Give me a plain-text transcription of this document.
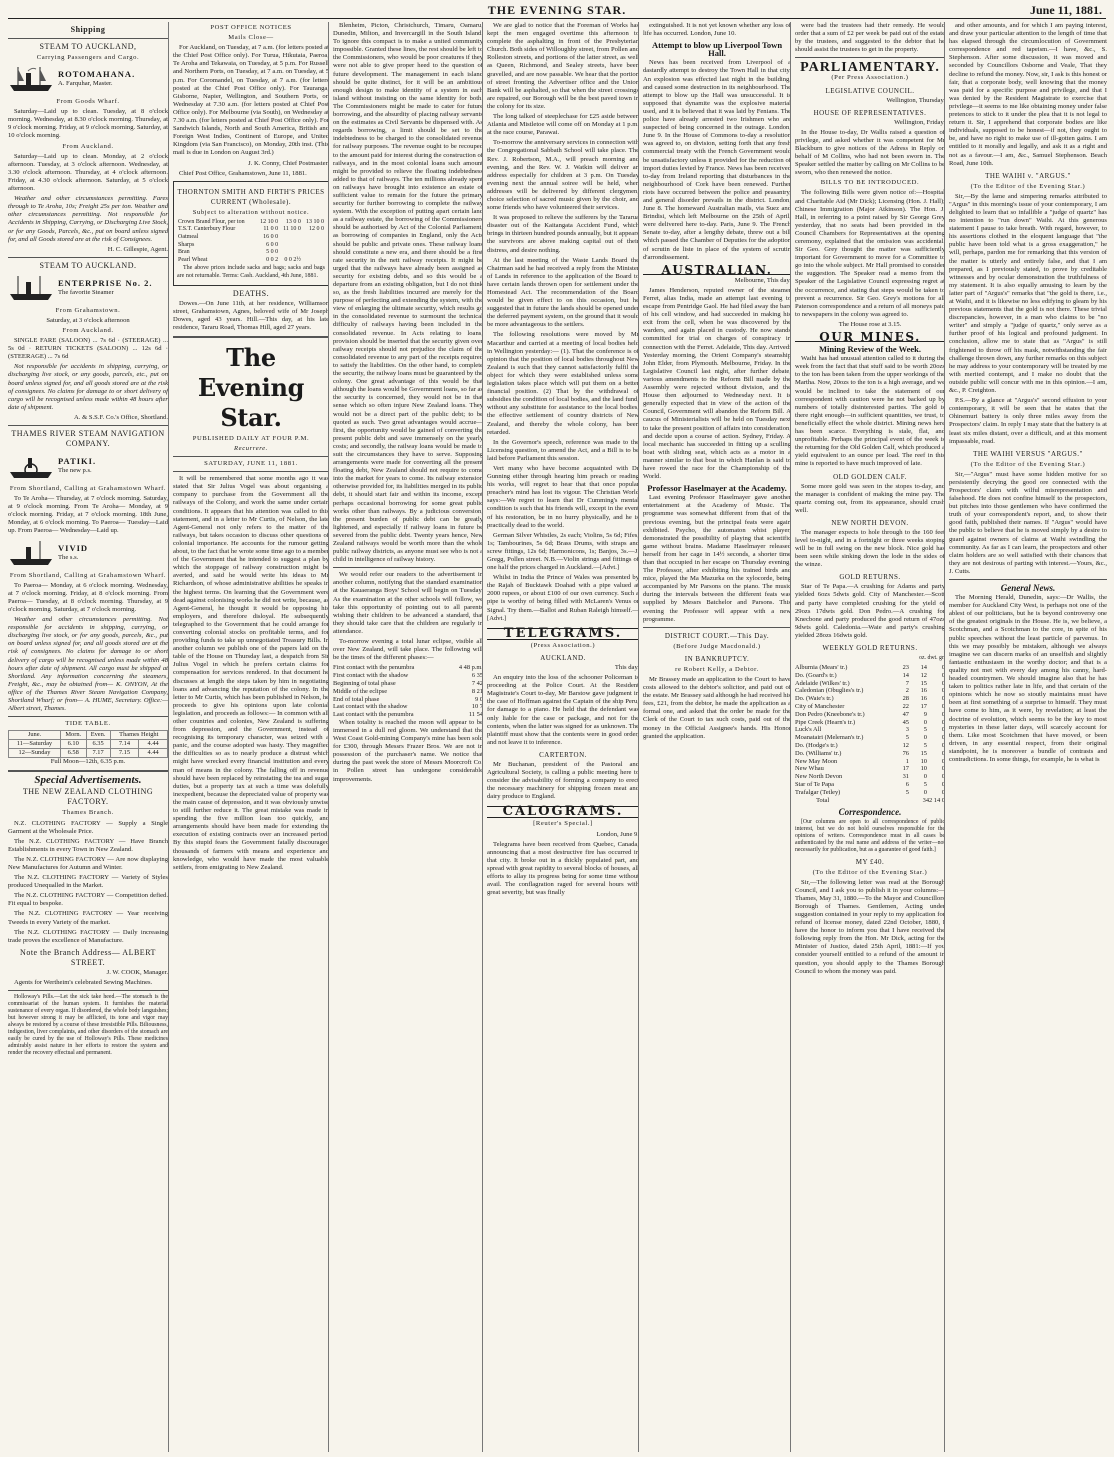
THE EVENING STAR.	June 11, 1881.
Shipping
STEAM TO AUCKLAND,
Carrying Passengers and Cargo.
ROTOMAHANA.
A. Farquhar, Master.
From Goods Wharf.

Saturday—Laid up to clean. Tuesday, at 8 o'clock morning. Wednesday, at 8.30 o'clock morning. Thursday, at 9 o'clock morning. Friday, at 9 o'clock morning. Saturday, at 10 o'clock morning.

From Auckland.

Saturday—Laid up to clean. Monday, at 2 o'clock afternoon. Tuesday, at 3 o'clock afternoon. Wednesday, at 3.30 o'clock afternoon. Thursday, at 4 o'clock afternoon. Friday, at 4.30 o'clock afternoon. Saturday, at 5 o'clock afternoon.

Weather and other circumstances permitting. Fares through to Te Aroha, 10s; Freight 25s per ton. Weather and other circumstances permitting. Not responsible for Accidents in Shipping, Carrying, or Discharging Live Stock, or for any Goods, Parcels, &c., put on board unless signed for, and all Goods stored are at the risk of Consignees.

H. C. Gillespie, Agent.

STEAM TO AUCKLAND.
ENTERPRISE No. 2.
The favorite Steamer
From Grahamstown.

Saturday, at 3 o'clock afternoon

From Auckland.

SINGLE FARE (SALOON) ... 7s 6d · (STEERAGE) ... 5s 0d · RETURN TICKETS (SALOON) ... 12s 6d · (STEERAGE) ... 7s 6d

Not responsible for accidents in shipping, carrying, or discharging live stock, or any goods, parcels, etc., put on board unless signed for, and all goods stored are at the risk of consignees. No claims for damage to or short delivery of cargo will be recognised unless made within 48 hours after date of shipment.

A. & S.S.F. Co.'s Office, Shortland.

THAMES RIVER STEAM NAVIGATION COMPANY.
PATIKI.
The new p.s.
From Shortland, Calling at Grahamstown Wharf.

To Te Aroha— Thursday, at 7 o'clock morning. Saturday, at 9 o'clock morning. From Te Aroha— Monday, at 9 o'clock morning. Friday, at 7 o'clock morning. 18th June, Monday, at 6 o'clock morning. To Paeroa— Tuesday—Laid up. From Paeroa— Wednesday—Laid up.

VIVID
The s.s.
From Shortland, Calling at Grahamstown Wharf.

To Paeroa— Monday, at 6 o'clock morning. Wednesday, at 7 o'clock morning. Friday, at 8 o'clock morning. From Paeroa— Tuesday, at 8 o'clock morning. Thursday, at 9 o'clock morning. Saturday, at 7 o'clock morning.

Weather and other circumstances permitting. Not responsible for accidents in shipping, carrying, or discharging live stock, or for any goods, parcels, &c., put on board unless signed for, and all goods stored are at the risk of consignees. No claims for damage to or short delivery of cargo will be recognised unless made within 48 hours after date of shipment. All cargo must be shipped at Shortland. Any information concerning the steamers, Freight, &c., may be obtained from— K. ONYON, At the office of the Thames River Steam Navigation Company, Shortland Wharf; or from— A. HUME, Secretary. Office:—Albert street, Thames.

TIDE TABLE.
June.	Morn.	Even.	Thames Height	
11—Saturday	6.10	6.35	7.14	4.44
12—Sunday	6.58	7.17	7.15	4.44

Full Moon—12th, 6.35 p.m.

Special Advertisements.
THE NEW ZEALAND CLOTHING FACTORY.
Thames Branch.

N.Z. CLOTHING FACTORY — Supply a Single Garment at the Wholesale Price.

The N.Z. CLOTHING FACTORY — Have Branch Establishments in every Town in New Zealand.

The N.Z. CLOTHING FACTORY — Are now displaying New Manufactures for Autumn and Winter.

The N.Z. CLOTHING FACTORY — Variety of Styles produced Unequalled in the Market.

The N.Z. CLOTHING FACTORY — Competition defied. Fit equal to bespoke.

The N.Z. CLOTHING FACTORY — Year receiving Tweeds in every Variety of the market.

The N.Z. CLOTHING FACTORY — Daily increasing trade proves the excellence of Manufacture.

Note the Branch Address— ALBERT STREET.

J. W. COOK, Manager.

Agents for Wertheim's celebrated Sewing Machines.

Holloway's Pills.—Let the sick take heed.—The stomach is the commissariat of the human system. It furnishes the material sustenance of every organ. If disordered, the whole body languishes; but however strong it may be afflicted, its tone and vigor may always be restored by a course of these irresistible Pills. Biliousness, indigestion, liver complaints, and other disorders of the stomach are easily be cured by the use of Holloway's Pills. These medicines admirably assist nature in her efforts to restore the system and render the recovery effectual and permanent.

POST OFFICE NOTICES
Mails Close—

For Auckland, on Tuesday, at 7 a.m. (for letters posted at the Chief Post Office only). For Turua, Hikutaia, Paeroa, Te Aroha and Tekawaia, on Tuesday, at 5 p.m. For Russell and Northern Ports, on Tuesday, at 7 a.m. on Tuesday, at 5 p.m. For Coromandel, on Tuesday, at 7 a.m. (for letters posted at the Chief Post Office only). For Tauranga, Gisborne, Napier, Wellington, and Southern Ports, on Wednesday at 7.30 a.m. (for letters posted at Chief Post Office only). For Melbourne (via South), on Wednesday at 7.30 a.m. (for letters posted at Chief Post Office only). For Sandwich Islands, North and South America, British and Foreign West Indies, Continent of Europe, and United Kingdom (via San Francisco), on Monday, 20th inst. (This mail is due in London on August 3rd.)

J. K. Conny, Chief Postmaster.

Chief Post Office, Grahamstown, June 11, 1881.

THORNTON SMITH AND FIRTH'S PRICES CURRENT (Wholesale).
Subject to alteration without notice.
Crown Brand Flour, per ton	12 10 0	13 0 0	13 10 0
T.S.T. Canterbury Flour	11 0 0	11 10 0	12 0 0
Oatmeal	16 0 0		
Sharps	6 0 0		
Bran	5 0 0		
Pearl Wheat	0 0 2	0 0 2½	

The above prices include sacks and bags; sacks and bags are not returnable. Terms: Cash. Auckland, 4th June, 1881.

DEATHS.

Dowes.—On June 11th, at her residence, Williamson street, Grahamstown, Agnes, beloved wife of Mr Joseph Dowes, aged 43 years. Hill.—This day, at his late residence, Tararu Road, Thomas Hill, aged 27 years.

The Evening Star.
PUBLISHED DAILY AT FOUR P.M.
Recurrere.
SATURDAY, JUNE 11, 1881.

It will be remembered that some months ago it was stated that Sir Julius Vogel was about organising a company to purchase from the Government all the railways of the Colony, and work the same under certain conditions. It appears that his attention was called to this statement, and in a letter to Mr Curtis, of Nelson, the late Agent-General not only refers to the matter of the railways, but takes occasion to discuss other questions of colonial importance. He accounts for the rumour getting about, to the fact that he wrote some time ago to a member of the Government that he intended to suggest a plan by which the stoppage of railway construction might be averted, and said he would write his ideas to Mr Richardson, of whose administrative abilities he speaks in the highest terms. On learning that the Government were dead against colonising works he did not write, because, as Agent-General, he thought it would be opposing his employers, and therefore disloyal. He subsequently telegraphed to the Government that he could arrange for converting colonial stocks on profitable terms, and for providing funds to take up unnegotiated Treasury Bills. In another column we publish one of the papers laid on the table of the House on Thursday last, a despatch from Sir Julius Vogel in which he prefers certain claims for compensation for services rendered. In that document he discusses at length the steps taken by him in negotiating loans and advancing the reputation of the colony. In the letter to Mr Curtis, which has been published in Nelson, he proceeds to give his opinions upon late colonial legislation, and proceeds as follows:— In common with all other countries and colonies, New Zealand is suffering from depression, and the Government, instead of recognising its temporary character, was seized with a panic, and the course adopted was hasty. They magnified the difficulties so as to nearly produce a distrust which might have wrecked every financial institution and every man of means in the colony. The falling off in revenue should have been replaced by reinstating the tea and sugar duties, but a property tax at such a time was dolefully inexpedient, because the depreciated value of property was the main cause of depression, and it was obviously unwise to still further reduce it. The great mistake was made in spending the five million loan too quickly, and arrangements should have been made for extending the execution of existing contracts over an increased period. By this stupid fears the Government fatally discouraged thousands of farmers with means and experience and knowledge, who would have made the most valuable settlers, from emigrating to New Zealand.

Blenheim, Picton, Christchurch, Timaru, Oamaru, Dunedin, Milton, and Invercargill in the South Island. To ignore this compact is to make a united community impossible. Granted these lines, the rest should be left to the Commissioners, who would be poor creatures if they were not able to give proper heed to the question of future development. The management in each island should be quite distinct, for it will be an ambitious enough design to make identity of a system in each island without insisting on the same identity for both. The Commissioners might be made to cater for future borrowing, and the absurdity of placing railway servants on the estimates as Civil Servants be dispensed with. As regards borrowing, a limit should be set to the indebtedness to be charged to the consolidated revenue for railway purposes. The revenue ought to be recouped to the amount paid for interest during the construction of railways, and in the most colonial loans such amount might be provided to relieve the floating indebtedness added to that of railways. The ten millions already spent on railways have brought into existence an estate of sufficient value to remain for the future the primary security for further borrowing to complete the railway system. With the exception of putting apart certain land as a railway estate, the borrowing of the Commissioners should be authorised by Act of the Colonial Parliament, as borrowing of companies in England, only the Acts should be public and private ones. These railway loans should constitute a new era, and there should be a first rate security in the nett railway receipts. It might be urged that the railways have already been assigned as security for existing debts, and so this would be a departure from an existing obligation, but I do not think so, as the fresh liabilities incurred are merely for the purpose of perfecting and extending the system, with the view of enlarging the ultimate security, which results go in the consolidated revenue to surmount the technical difficulty of railways having been included in the consolidated revenue. In Acts relating to loans, provision should be inserted that the security given over railway receipts should not prejudice the claim of the consolidated revenue to any part of the receipts required to satisfy the liabilities. On the other hand, to complete the security, the railway loans must be guaranteed by the colony. One great advantage of this would be that although the loans would be Government loans, so far as the security is concerned, they would not be in that sense which so often injure New Zealand loans. They would not be a direct part of the public debt; to be quoted as such. Two great advantages would accrue—first, the opportunity would be gained of converting the present public debt and save immensely on the yearly costs; and secondly, the railway loans would be made to suit the circumstances they have to serve. Supposing arrangements were made for converting all the present floating debt, New Zealand should not require to come into the market for years to come. Its railway extension otherwise provided for, its liabilities merged in its public debt, it should start fair and within its income, except perhaps occasional borrowing for some great public works other than railways. By a judicious conversion, the present burden of public debt can be greatly lightened, and especially if railway loans in future be severed from the public debt. Twenty years hence, New Zealand railways would be worth more than the whole public railway districts, as anyone must see who is not a child in intelligence of railway history.

We would refer our readers to the advertisement in another column, notifying that the standard examination at the Kauaeranga Boys' School will begin on Tuesday. As the examination at the other schools will follow, we take this opportunity of pointing out to all parents wishing their children to be advanced a standard, that they should take care that the children are regularly in attendance.

To-morrow evening a total lunar eclipse, visible all over New Zealand, will take place. The following will be the times of the different phases:—

First contact with the penumbra	4 48 p.m.
First contact with the shadow	6 35
Beginning of total phase	7 42
Middle of the eclipse	8 21
End of total phase	9 0
Last contact with the shadow	10 7
Last contact with the penumbra	11 54

When totality is reached the moon will appear to be immersed in a dull red gloom. We understand that the West Coast Gold-mining Company's mine has been sold for £300, through Messrs Frazer Bros. We are not in possession of the purchaser's name. We notice that during the past week the store of Messrs Moorcroft Co. in Pollen street has undergone considerable improvements.

We are glad to notice that the Foreman of Works has kept the men engaged overtime this afternoon to complete the asphalting in front of the Presbyterian Church. Both sides of Willoughby street, from Pollen and Rolleston streets, and portions of the latter street, as well as Queen, Richmond, and Sealey streets, have been gravelled, and are now passable. We hear that the portion of street fronting the Advertiser office and the Union Bank will be asphalted, so that when the street crossings are repaired, our Borough will be the best paved town in the colony for its size.

The long talked of steeplechase for £25 aside between Atlanta and Mistletoe will come off on Monday at 1 p.m. at the race course, Parawai.

To-morrow the anniversary services in connection with the Congregational Sabbath School will take place. The Rev. J. Robertson, M.A., will preach morning and evening, and the Rev. W. J. Watkin will deliver an address especially for children at 3 p.m. On Tuesday evening next the annual soiree will be held, when addresses will be delivered by different clergymen, choice selection of sacred music given by the choir, and some friends who have volunteered their services.

It was proposed to relieve the sufferers by the Tararua disaster out of the Kaitangata Accident Fund, which brings in thirteen hundred pounds annually, but it appears the survivors are above making capital out of their distress, and desire nothing.

At the last meeting of the Waste Lands Board the Chairman said he had received a reply from the Minister of Lands in reference to the application of the Board to have certain lands thrown open for settlement under the Homestead Act. The recommendation of the Board would be given effect to on this occasion, but he suggested that in future the lands should be opened under the deferred payment system, on the ground that it would be more advantageous to the settlers.

The following resolutions were moved by Mr Macarthur and carried at a meeting of local bodies held in Wellington yesterday:— (1). That the conference is of opinion that the position of local bodies throughout New Zealand is such that they cannot satisfactorily fulfil the object for which they were established unless some legislation takes place which will put them on a better financial position. (2) That by the withdrawal of subsidies the condition of local bodies, and the land fund, without any substitute for assistance to the local bodies, the effective settlement of country districts of New Zealand, and thereby the whole colony, has been retarded.

In the Governor's speech, reference was made to the Licensing question, to amend the Act, and a Bill is to be laid before Parliament this session.

Vert many who have become acquainted with Dr Gunning either through hearing him preach or reading his works, will regret to hear that that once popular preacher's mind has lost its vigour. The Christian World says:—We regret to learn that Dr Cumming's mental condition is such that his friends will, except in the event of his restoration, be in no hurry physically, and he is practically dead to the world.

German Silver Whistles, 2s each; Violins, 5s 6d; Fifes, 1s; Tambourines, 5s 6d; Brass Drums, with straps and screw fittings, 12s 6d; Harmonicons, 1s; Banjos, 3s.—J. Gregg, Pollen street. N.B.—Violin strings and fittings of one half the prices charged in Auckland.—[Advt.]

Whilst in India the Prince of Wales was presented by the Rajah of Bucktawk Doahad with a pipe valued at 2000 rupees, or about £100 of our own currency. Such a pipe is worthy of being filled with McLaren's Venus or Signal. Try them.—Ballot and Ruban Raleigh himself.—[Advt.]

TELEGRAMS.
(Press Association.)
AUCKLAND.

This day.

An enquiry into the loss of the schooner Policeman is proceeding at the Police Court. At the Resident Magistrate's Court to-day, Mr Barstow gave judgment in the case of Hoffman against the Captain of the ship Peru, for damage to a piano. He held that the defendant was only liable for the case or package, and not for the contents, when the latter was signed for as unknown. The plaintiff must show that the contents were in good order, and not leave it to inference.

CARTERTON.

Mr Buchanan, president of the Pastoral and Agricultural Society, is calling a public meeting here to consider the advisability of forming a company to erect the necessary machinery for shipping frozen meat and dairy produce to England.

CALOGRAMS.
[Reuter's Special.]

London, June 9.

Telegrams have been received from Quebec, Canada, announcing that a most destructive fire has occurred in that city. It broke out in a thickly populated part, and spread with great rapidity to several blocks of houses, all efforts to allay its progress being for some time without avail. The conflagration raged for several hours with great severity, but was finally

extinguished. It is not yet known whether any loss of life has occurred. London, June 10.

Attempt to blow up Liverpool Town Hall.

News has been received from Liverpool of a dastardly attempt to destroy the Town Hall in that city. An explosion was effected last night in the building, and caused some destruction in its neighbourhood. The attempt to blow up the Hall was unsuccessful. It is supposed that dynamite was the explosive material used, and it is believed that it was laid by Fenians. The police have already arrested two Irishmen who are suspected of being concerned in the outrage. London, June 9. In the House of Commons to-day a resolution was agreed to, on division, setting forth that any fresh commercial treaty with the French Government would be unsatisfactory unless it provided for the reduction of import duties levied by France. News has been received to-day from Ireland reporting that disturbances in the neighbourhood of Cork have been renewed. Further riots have occurred between the police and peasantry, and general disorder prevails in the district. London, June 8. The homeward Australian mails, via Suez and Brindisi, which left Melbourne on the 25th of April, were delivered here to-day. Paris, June 9. The French Senate to-day, after a lengthy debate, threw out a bill which passed the Chamber of Deputies for the adoption of scrutin de liste in place of the system of scrutin d'arrondissement.

AUSTRALIAN.

Melbourne, This day.

James Henderson, reputed owner of the steamer Ferret, alias India, made an attempt last evening to escape from Pentridge Gaol. He had filed away the bars of his cell window, and had succeeded in making his exit from the cell, when he was discovered by the warders, and again placed in custody. He now stands committed for trial on charges of conspiracy in connection with the Ferret. Adelaide, This day. Arrived: Yesterday morning, the Orient Company's steamship John Elder, from Plymouth. Melbourne, Friday. In the Legislative Council last night, after further debate, various amendments to the Reform Bill made by the Assembly were rejected without division, and the House then adjourned to Wednesday next. It is generally expected that in view of the action of the Council, Government will abandon the Reform Bill. A caucus of Ministerialists will be held on Tuesday next to take the present position of affairs into consideration, and decide upon a course of action. Sydney, Friday. A local mechanic has succeeded in fitting up a sculling boat with sliding seat, which acts as a motor in a manner similar to that boat in which Hanlan is said to have rowed the race for the Championship of the World.

Professor Haselmayer at the Academy.

Last evening Professor Haselmayer gave another entertainment at the Academy of Music. The programme was somewhat different from that of the previous evening, but the principal feats were again exhibited. Psycho, the automaton whist player, demonstrated the possibility of playing that scientific game without brains. Madame Haselmayer released herself from her cage in 14½ seconds, a shorter time than that occupied in her escape on Thursday evening. The Professor, after exhibiting his trained birds and mice, played the Ma Mazurka on the xylocorde, being accompanied by Mr Parsons on the piano. The music during the intervals between the different feats was supplied by Messrs Batchelor and Parsons. This evening the Professor will appear with a new programme.

DISTRICT COURT.—This Day.
(Before Judge Macdonald.)
IN BANKRUPTCY.
re Robert Kelly, a Debtor.

Mr Brassey made an application to the Court to have costs allowed to the debtor's solicitor, and paid out of the estate. Mr Brassey said although he had received his fees, £21, from the debtor, he made the application as a formal one, and asked that the order be made for the Clerk of the Court to tax such costs, paid out of the money in the Official Assignee's hands. His Honor granted the application.

were bad the trustees had their remedy. He would order that a sum of £2 per week be paid out of the estate by the trustees, and suggested to the debtor that he should assist the trustees to get in the property.

PARLIAMENTARY.
(Per Press Association.)
LEGISLATIVE COUNCIL.

Wellington, Thursday.

HOUSE OF REPRESENTATIVES.

Wellington, Friday.

In the House to-day, Dr Wallis raised a question of privilege, and asked whether it was competent for Mr Blackburn to give notices of the Adress in Reply on behalf of M Collins, who had not been sworn in. The Speaker settled the matter by calling on Mr Collins to be sworn, who then renewed the notice.

BILLS TO BE INTRODUCED.

The following Bills were given notice of:—Hospital and Charitable Aid (Mr Dick); Licensing (Hon. J. Hall); Chinese Immigration (Major Atkinson). The Hon. J. Hall, in referring to a point raised by Sir George Grey yesterday, that no seats had been provided in the Council Chambers for Representatives at the opening ceremony, explained that the omission was accidental. Sir Geo. Grey thought the matter was sufficiently important for Government to move for a Committee to go into the whole subject. Mr Hall promised to consider the suggestion. The Speaker read a memo from the Speaker of the Legislative Council expressing regret at the occurrence, and stating that steps would be taken to prevent a recurrence. Sir Geo. Grey's motions for all Paterson correspondence and a return of all moneys paid to newspapers in the colony was agreed to.

The House rose at 3.15.

OUR MINES.
Mining Review of the Week.

Waihi has had unusual attention called to it during the week from the fact that that stuff said to be worth 20ozs to the ton has been taken from the upper workings of the Martha. Now, 20ozs to the ton is a high average, and we would be inclined to take the statement of our correspondent with caution were he not backed up by numbers of totally disinterested parties. The gold is there right enough—in sufficient quantities, we trust, to beneficially effect the whole district. Mining news here has been scarce. Everything is stale, flat, and unprofitable. Perhaps the principal event of the week is the returning for the Old Golden Calf, which produced a yield equivalent to an ounce per load. The reef in this mine is reported to have much improved of late.

OLD GOLDEN CALF.

Some more gold was seen in the stopes to-day, and the manager is confident of making the mine pay. The quartz coming out, from its appearance, should crush well.

NEW NORTH DEVON.

The manager expects to hole through to the 160 feet level to-night, and in a fortnight or three weeks stoping will be in full swing on the new block. Nice gold has been seen while sinking down the lode in the sides of the winze.

GOLD RETURNS.

Star of Te Papa.—A crushing for Adams and party yielded 6ozs 5dwts gold. City of Manchester.—Scott and party have completed crushing for the yield of 29ozs 17dwts gold. Don Pedro.—A crushing for Knecbone and party produced the good return of 47ozs 9dwts gold. Caledonia.—Waie and party's crushing yielded 28ozs 16dwts gold.

WEEKLY GOLD RETURNS.

oz. dwt. gr.

Alburnia (Mears' tr.)	23	14	0
Do. (Goard's tr.)	14	12	0
Adelaide (Wilkes' tr.)	7	15	0
Caledonian (Obuglies's tr.)	2	16	0
Do. (Waie's tr.)	28	16	0
City of Manchester	22	17	0
Don Pedro (Kneebone's tr.)	47	9	0
Pipe Creek (Hearn's tr.)	45	0	0
Luck's All	3	5	0
Moanatairi (Meleman's tr.)	5	0	0
Do. (Hodge's tr.)	12	5	0
Do. (Williams' tr.)	76	15	0
New May Moon	1	10	0
New Whau	17	10	0
New North Devon	31	0	0
Star of Te Papa	6	5	0
Trafalgar (Tetley)	5	0	0
Total	342 14 0
Correspondence.

[Our columns are open to all correspondence of public interest, but we do not hold ourselves responsible for the opinions of writers. Correspondence must in all cases be authenticated by the real name and address of the writer—not necessarily for publication, but as a guarantee of good faith.]

MY £40.
(To the Editor of the Evening Star.)

Sir,—The following letter was read at the Borough Council, and I ask you to publish it in your columns:— Thames, May 31, 1880.—To the Mayor and Councillors Borough of Thames. Gentlemen, Acting under suggestion contained in your reply to my application for refund of license money, dated 22nd October, 1880, I have the honor to inform you that I have received the following reply from the Hon. Mr Dick, acting for the Minister of Justice, dated 25th April, 1881:—If you consider yourself entitled to a refund of the amount in question, you should apply to the Thames Borough Council to whom the money was paid.

and other amounts, and for which I am paying interest, and draw your particular attention to the length of time that has elapsed through the circumlocution of Government correspondence and red tapeism.—I have, &c., S. Stephenson. After some discussion, it was moved and seconded by Councillors Osborne and Veale, That they decline to refund the money. Now, sir, I ask is this honest or fair, that a corporate body, well knowing that the money was paid for a specific purpose and privilege, and that I was denied by the Resident Magistrate to exercise that privilege—it seems to me like obtaining money under false pretences to stick to it under the plea that it is not legal to return it. Sir, I apprehend that corporate bodies are like individuals, supposed to be honest—if not, they ought to be, and have no right to make use of ill-gotten gains. I am entitled to it morally and legally, and ask it as a right and not as a favour.—I am, &c., Samuel Stephenson. Beach Road, June 10th.

THE WAIHI v. "ARGUS."
(To the Editor of the Evening Star.)

Sir,—By the lame and simpering remarks attributed to "Argus" in this morning's issue of your contemporary, I am delighted to learn that so infallible a "judge of quartz" has no intention to "run down" Waihi. At this generous statement I pause to take breath. With regard, however, to his assertions clothed in the eloquent language that "the public have been told what is a gross exaggeration," he will, perhaps, pardon me for remarking that this version of the matter is utterly and entirely false, and that I am prepared, as I previously stated, to prove by creditable witnesses and by ocular demonstration the truthfulness of my statement. It is also equally amusing to learn by the latter part of "Argus's" remarks that "the gold is there, i.e., at Waihi, and it is likewise no less edifying to gleam by his previous statements that the gold is not there. These trivial discrepancies, however, in a man who claims to be "no writer" and simply a "judge of quartz," only serve as a further proof of his logical and profound judgment. In conclusion, allow me to state that as "Argus" is still frightened to throw off his mask, notwithstanding the fair challenge thrown down, any further remarks on this subject he may address to your contemporary will be treated by me with merited contempt, and I make no doubt that the outside public will concur with me in this opinion.—I am, &c., P. Creighton.

P.S.—By a glance at "Argus's" second effusion to your contemporary, it will be seen that he states that the Ohinemuri battery is only three miles away from the Prospectors' claim. In reply I may state that the battery is at least six miles distant, over a difficult, and at this moment impassable, road.

THE WAIHI VERSUS "ARGUS."
(To the Editor of the Evening Star.)

Sir,—"Argus" must have some hidden motive for so persistently decrying the good ore connected with the Prospectors' claim with wilful misrepresentation and falsehood. He does not confine himself to the prospectors, but pitches into those gentlemen who have confirmed the truth of your correspondent's report, and, to show their good faith, published their names. If "Argus" would have the public to believe that he is moved simply by a desire to guard against owners of claims at Waihi swindling the community. As far as I can learn, the prospectors and other claim holders are so well satisfied with their chances that they are not desirous of parting with interest.—Yours, &c., J. Cutts.

General News.

The Morning Herald, Dunedin, says:—Dr Wallis, the member for Auckland City West, is perhaps not one of the ablest of our politicians, but he is beyond controversy one of the greatest originals in the House. He is, we believe, a Scotchman, and a Scotchman to the core, in spite of his public speeches without the least particle of parvenus. In this we may possibly be mistaken, although we always imagine we can discern marks of an unselfish and slightly fantastic enthusiasm in the worthy doctor; and that is a quality not met with every day among his canny, hard-headed countrymen. We should imagine also that he has taken to politics rather late in life, and that certain of the opinions which he now so stoutly maintains must have been at first something of a surprise to himself. They must have come to him, as it were, by revelation; at least the doctrine of evolution, which seems to be the key to most mysteries in these latter days, will scarcely account for them. Like most Scotchmen that have moved, or been driven, in any essential respect, from their original standpoint, he is moreover a bundle of contrasts and contradictions. In some things, for example, he is what is
